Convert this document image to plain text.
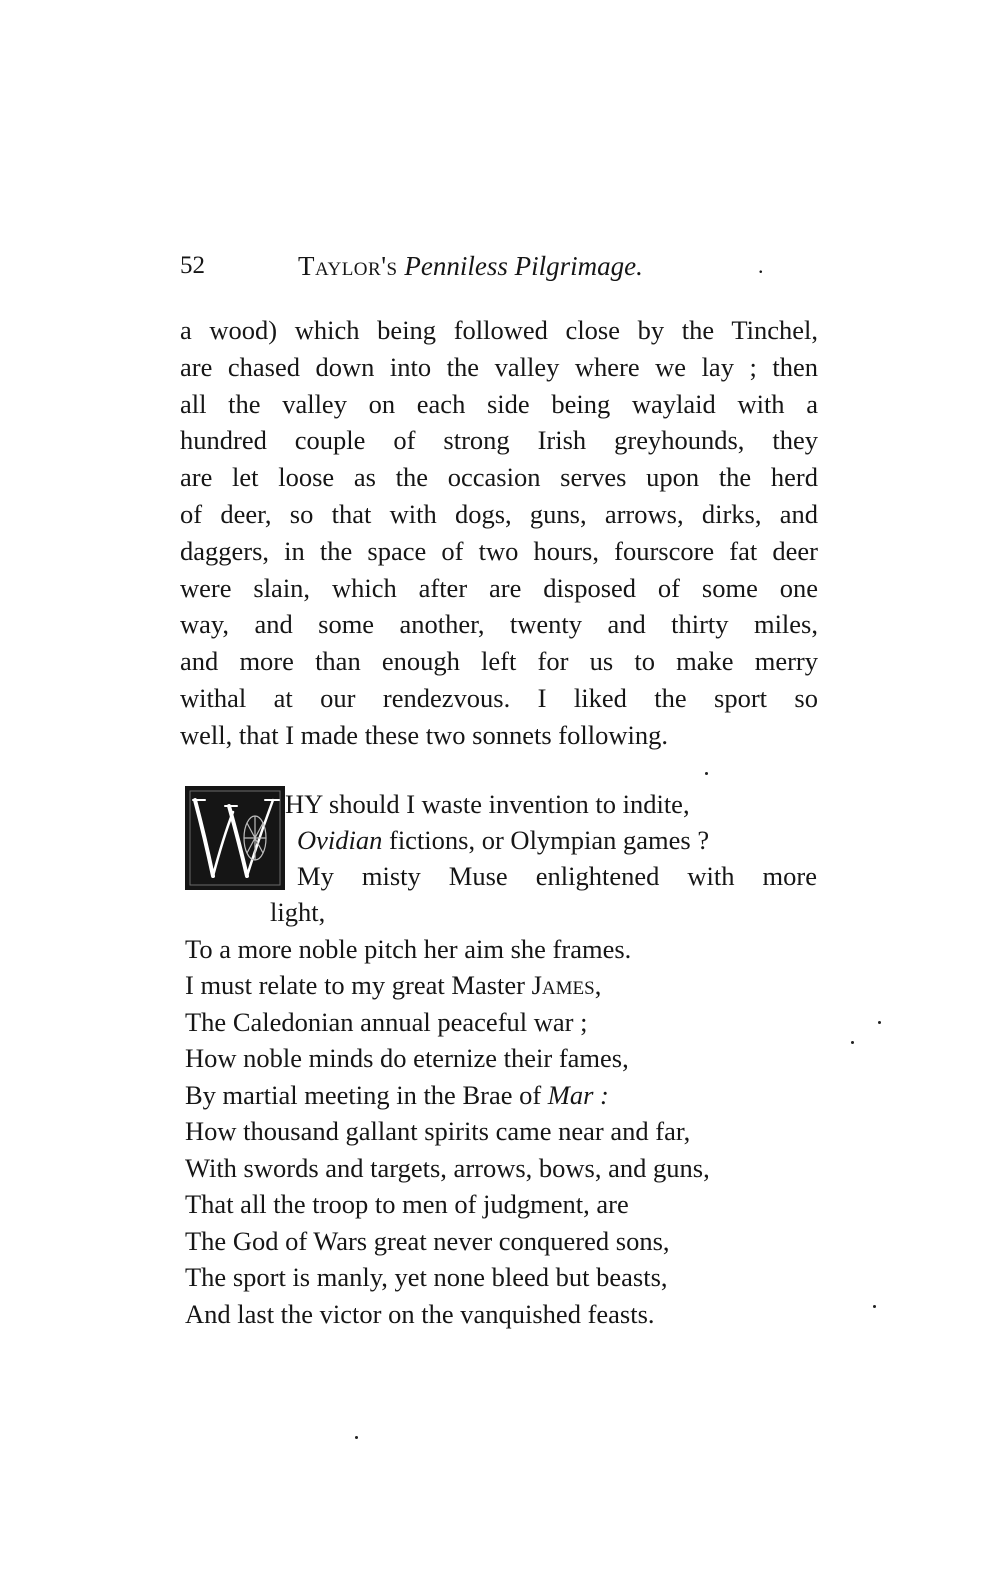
52	Taylor's Penniless Pilgrimage.	.
a wood) which being followed close by the Tinchel,
are chased down into the valley where we lay ; then
all the valley on each side being waylaid with a
hundred couple of strong Irish greyhounds, they
are let loose as the occasion serves upon the herd
of deer, so that with dogs, guns, arrows, dirks, and
daggers, in the space of two hours, fourscore fat deer
were slain, which after are disposed of some one
way, and some another, twenty and thirty miles,
and more than enough left for us to make merry
withal at our rendezvous. I liked the sport so
well, that I made these two sonnets following.
HY should I waste invention to indite,
Ovidian fictions, or Olympian games ?
My misty Muse enlightened with more
light,
To a more noble pitch her aim she frames.
I must relate to my great Master James,
The Caledonian annual peaceful war ;
How noble minds do eternize their fames,
By martial meeting in the Brae of Mar :
How thousand gallant spirits came near and far,
With swords and targets, arrows, bows, and guns,
That all the troop to men of judgment, are
The God of Wars great never conquered sons,
The sport is manly, yet none bleed but beasts,
And last the victor on the vanquished feasts.
